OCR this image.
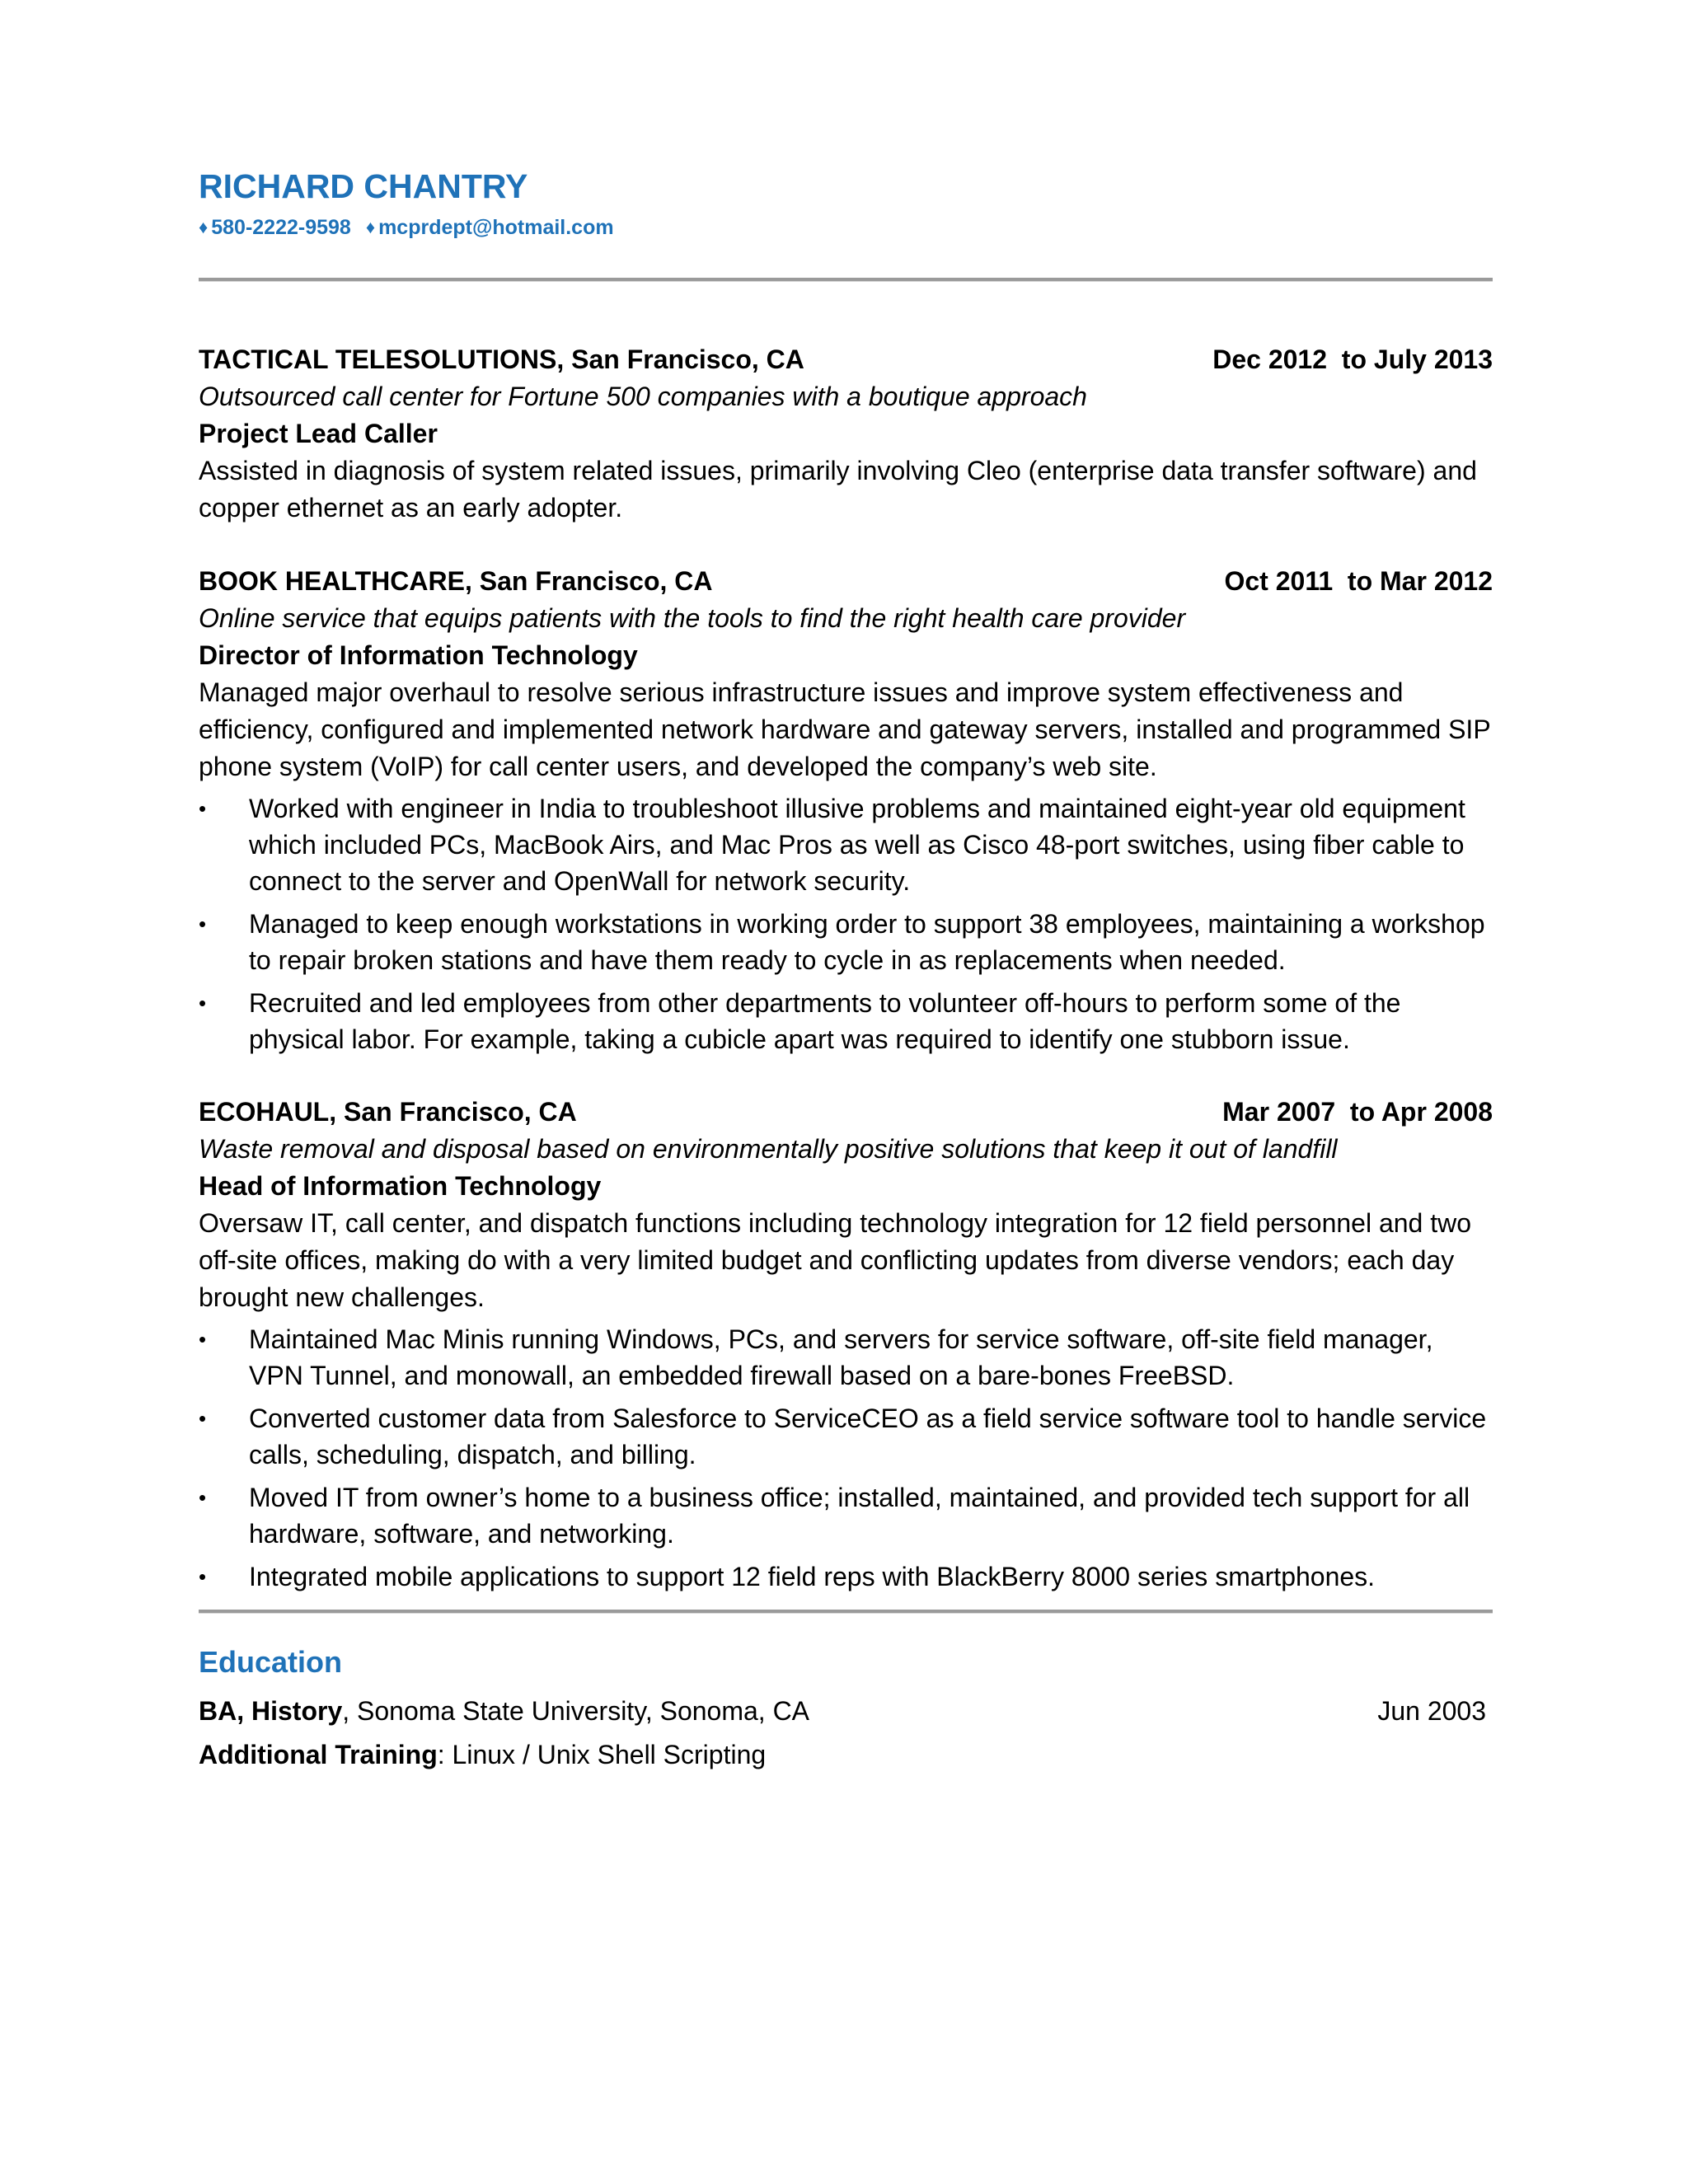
RICHARD CHANTRY
♦ 580-2222-9598 ♦ mcprdept@hotmail.com
TACTICAL TELESOLUTIONS, San Francisco, CA	Dec 2012  to July 2013
Outsourced call center for Fortune 500 companies with a boutique approach
Project Lead Caller
Assisted in diagnosis of system related issues, primarily involving Cleo (enterprise data transfer software) and copper ethernet as an early adopter.
BOOK HEALTHCARE, San Francisco, CA	Oct 2011  to Mar 2012
Online service that equips patients with the tools to find the right health care provider
Director of Information Technology
Managed major overhaul to resolve serious infrastructure issues and improve system effectiveness and efficiency, configured and implemented network hardware and gateway servers, installed and programmed SIP phone system (VoIP) for call center users, and developed the company’s web site.
• Worked with engineer in India to troubleshoot illusive problems and maintained eight-year old equipment which included PCs, MacBook Airs, and Mac Pros as well as Cisco 48-port switches, using fiber cable to connect to the server and OpenWall for network security.
• Managed to keep enough workstations in working order to support 38 employees, maintaining a workshop to repair broken stations and have them ready to cycle in as replacements when needed.
• Recruited and led employees from other departments to volunteer off-hours to perform some of the physical labor. For example, taking a cubicle apart was required to identify one stubborn issue.
ECOHAUL, San Francisco, CA	Mar 2007  to Apr 2008
Waste removal and disposal based on environmentally positive solutions that keep it out of landfill
Head of Information Technology
Oversaw IT, call center, and dispatch functions including technology integration for 12 field personnel and two off-site offices, making do with a very limited budget and conflicting updates from diverse vendors; each day brought new challenges.
• Maintained Mac Minis running Windows, PCs, and servers for service software, off-site field manager, VPN Tunnel, and monowall, an embedded firewall based on a bare-bones FreeBSD.
• Converted customer data from Salesforce to ServiceCEO as a field service software tool to handle service calls, scheduling, dispatch, and billing.
• Moved IT from owner’s home to a business office; installed, maintained, and provided tech support for all hardware, software, and networking.
• Integrated mobile applications to support 12 field reps with BlackBerry 8000 series smartphones.
Education
BA, History, Sonoma State University, Sonoma, CA	Jun 2003
Additional Training: Linux / Unix Shell Scripting
